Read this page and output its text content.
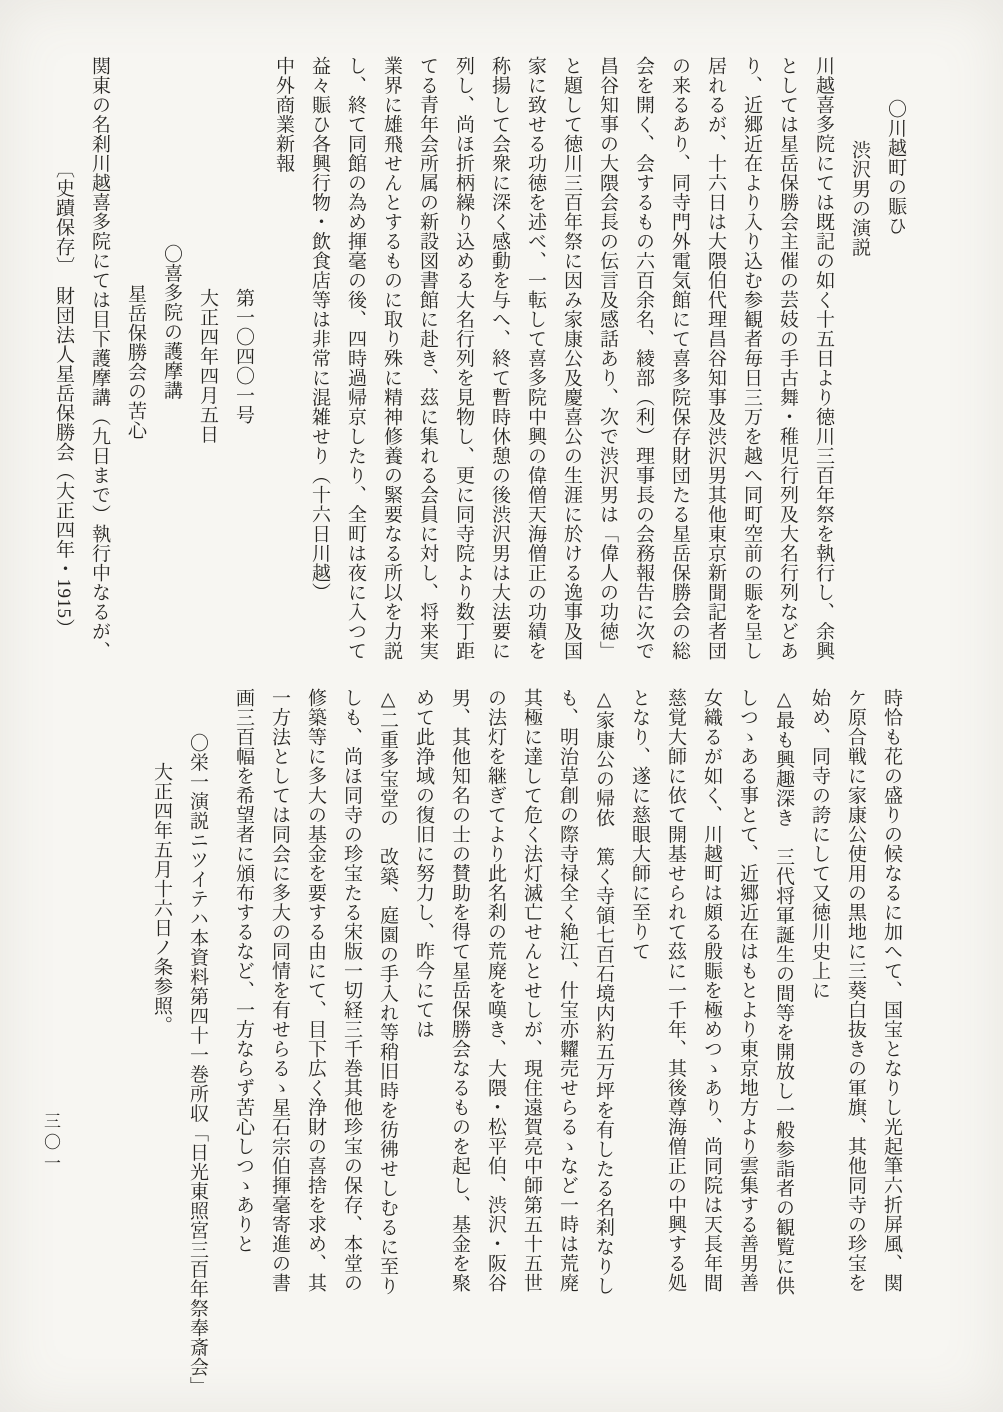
〇川越町の賑ひ

渋沢男の演説

川越喜多院にては既記の如く十五日より徳川三百年祭を執行し、余興

としては星岳保勝会主催の芸妓の手古舞・稚児行列及大名行列などあ

り、近郷近在より入り込む参観者毎日三万を越へ同町空前の賑を呈し

居れるが、十六日は大隈伯代理昌谷知事及渋沢男其他東京新聞記者団

の来るあり、同寺門外電気館にて喜多院保存財団たる星岳保勝会の総

会を開く、会するもの六百余名、綾部（利）理事長の会務報告に次で

昌谷知事の大隈会長の伝言及感話あり、次で渋沢男は「偉人の功徳」

と題して徳川三百年祭に因み家康公及慶喜公の生涯に於ける逸事及国

家に致せる功徳を述べ、一転して喜多院中興の偉僧天海僧正の功績を

称揚して会衆に深く感動を与へ、終て暫時休憩の後渋沢男は大法要に

列し、尚ほ折柄繰り込める大名行列を見物し、更に同寺院より数丁距

てる青年会所属の新設図書館に赴き、茲に集れる会員に対し、将来実

業界に雄飛せんとするものに取り殊に精神修養の緊要なる所以を力説

し、終て同館の為め揮毫の後、四時過帰京したり、全町は夜に入つて

益々賑ひ各興行物・飲食店等は非常に混雑せり（十六日川越）

中外商業新報

第一〇四〇一号

大正四年四月五日

〇喜多院の護摩講

星岳保勝会の苦心

関東の名刹川越喜多院にては目下護摩講（九日まで）執行中なるが、

〔史蹟保存〕　財団法人星岳保勝会（大正四年・1915）

時恰も花の盛りの候なるに加へて、国宝となりし光起筆六折屏風、関

ケ原合戦に家康公使用の黒地に三葵白抜きの軍旗、其他同寺の珍宝を

始め、同寺の誇にして又徳川史上に

△最も興趣深き　三代将軍誕生の間等を開放し一般参詣者の観覧に供

しつゝある事とて、近郷近在はもとより東京地方より雲集する善男善

女織るが如く、川越町は頗る殷賑を極めつゝあり、尚同院は天長年間

慈覚大師に依て開基せられて茲に一千年、其後尊海僧正の中興する処

となり、遂に慈眼大師に至りて

△家康公の帰依　篤く寺領七百石境内約五万坪を有したる名刹なりし

も、明治草創の際寺禄全く絶江、什宝亦糶売せらるゝなど一時は荒廃

其極に達して危く法灯滅亡せんとせしが、現住遠賀亮中師第五十五世

の法灯を継ぎてより此名刹の荒廃を嘆き、大隈・松平伯、渋沢・阪谷

男、其他知名の士の賛助を得て星岳保勝会なるものを起し、基金を聚

めて此浄域の復旧に努力し、昨今にては

△二重多宝堂の　改築、庭園の手入れ等稍旧時を彷彿せしむるに至り

しも、尚ほ同寺の珍宝たる宋版一切経三千巻其他珍宝の保存、本堂の

修築等に多大の基金を要する由にて、目下広く浄財の喜捨を求め、其

一方法としては同会に多大の同情を有せらるゝ星石宗伯揮毫寄進の書

画三百幅を希望者に頒布するなど、一方ならず苦心しつゝありと

〇栄一演説ニツイテハ本資料第四十一巻所収「日光東照宮三百年祭奉斎会」

大正四年五月十六日ノ条参照。

三〇一
